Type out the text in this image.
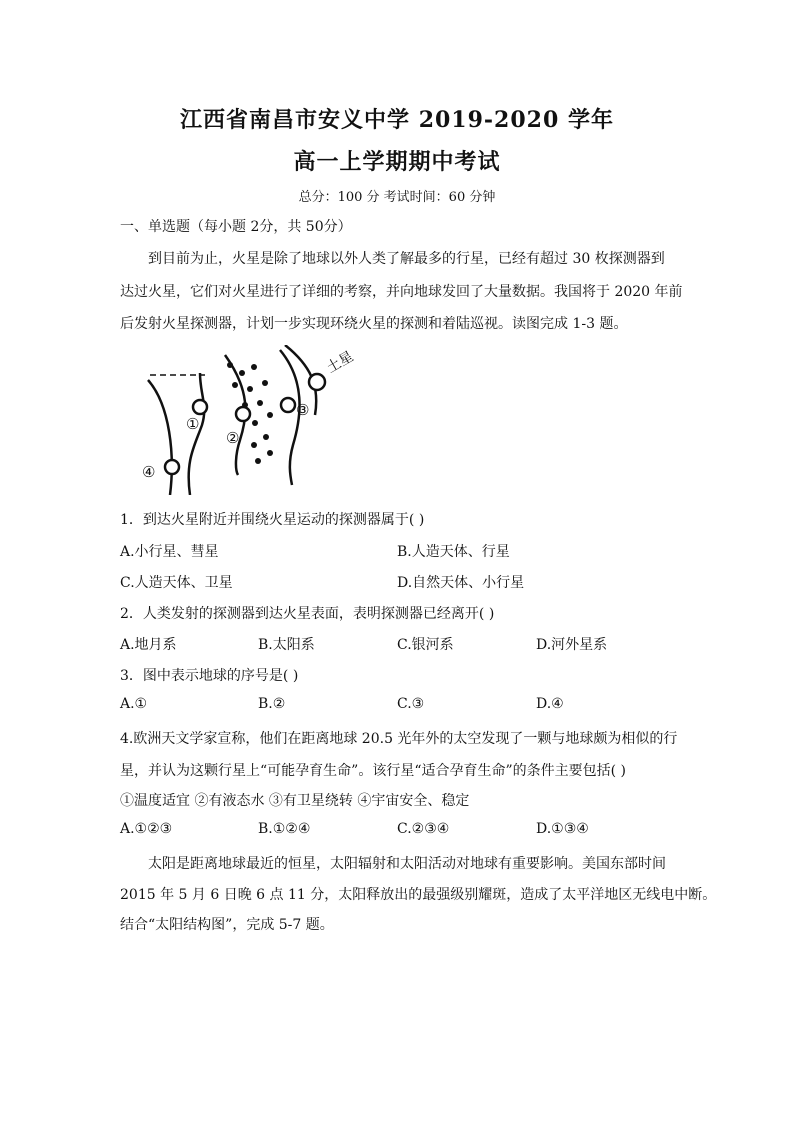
江西省南昌市安义中学 2019-2020 学年
高一上学期期中考试
总分：100 分 考试时间：60 分钟
一、单选题（每小题 2分，共 50分）
到目前为止，火星是除了地球以外人类了解最多的行星，已经有超过 30 枚探测器到
达过火星，它们对火星进行了详细的考察，并向地球发回了大量数据。我国将于 2020 年前
后发射火星探测器，计划一步实现环绕火星的探测和着陆巡视。读图完成 1-3 题。
①
②
③
④
土星
1．到达火星附近并围绕火星运动的探测器属于( )
A.小行星、彗星	B.人造天体、行星
C.人造天体、卫星	D.自然天体、小行星
2．人类发射的探测器到达火星表面，表明探测器已经离开( )
A.地月系	B.太阳系	C.银河系	D.河外星系
3．图中表示地球的序号是( )
A.①	B.②	C.③	D.④
4.欧洲天文学家宣称，他们在距离地球 20.5 光年外的太空发现了一颗与地球颇为相似的行
星，并认为这颗行星上“可能孕育生命”。该行星“适合孕育生命”的条件主要包括( )
①温度适宜 ②有液态水 ③有卫星绕转 ④宇宙安全、稳定
A.①②③	B.①②④	C.②③④	D.①③④
太阳是距离地球最近的恒星，太阳辐射和太阳活动对地球有重要影响。美国东部时间
2015 年 5 月 6 日晚 6 点 11 分，太阳释放出的最强级别耀斑，造成了太平洋地区无线电中断。
结合“太阳结构图”，完成 5-7 题。
